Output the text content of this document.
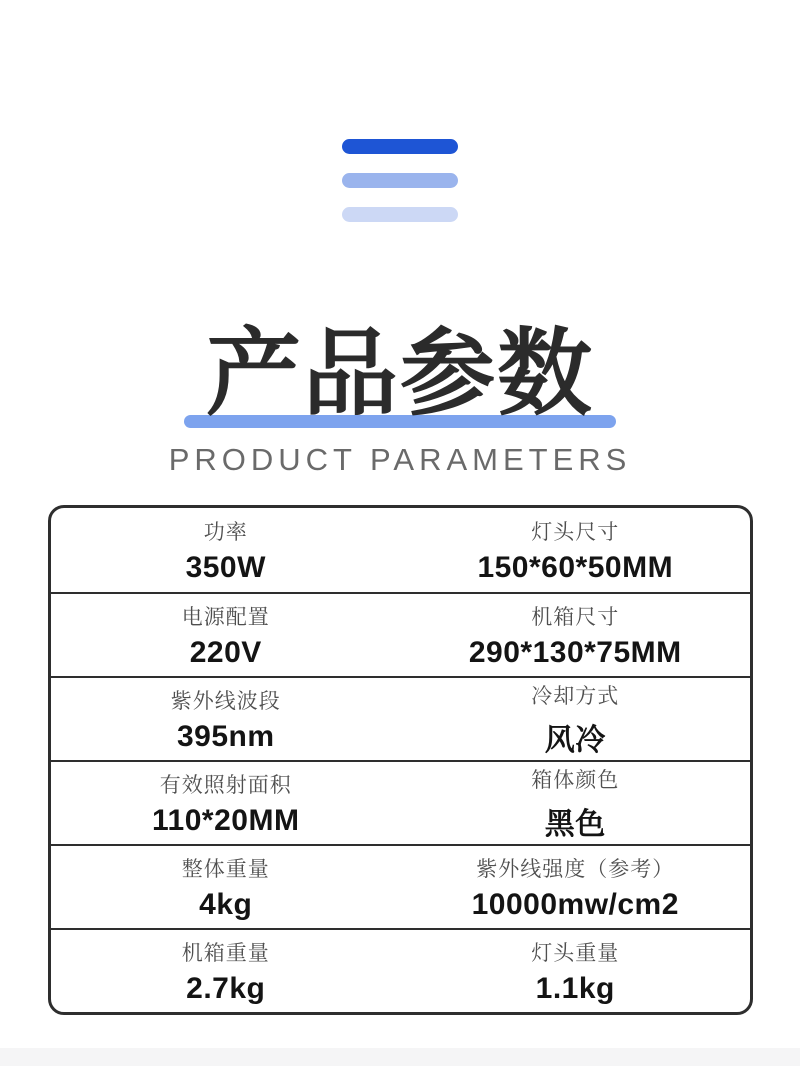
产品参数
PRODUCT PARAMETERS
功率
350W
灯头尺寸
150*60*50MM
电源配置
220V
机箱尺寸
290*130*75MM
紫外线波段
395nm
冷却方式
风冷
有效照射面积
110*20MM
箱体颜色
黑色
整体重量
4kg
紫外线强度（参考）
10000mw/cm2
机箱重量
2.7kg
灯头重量
1.1kg
